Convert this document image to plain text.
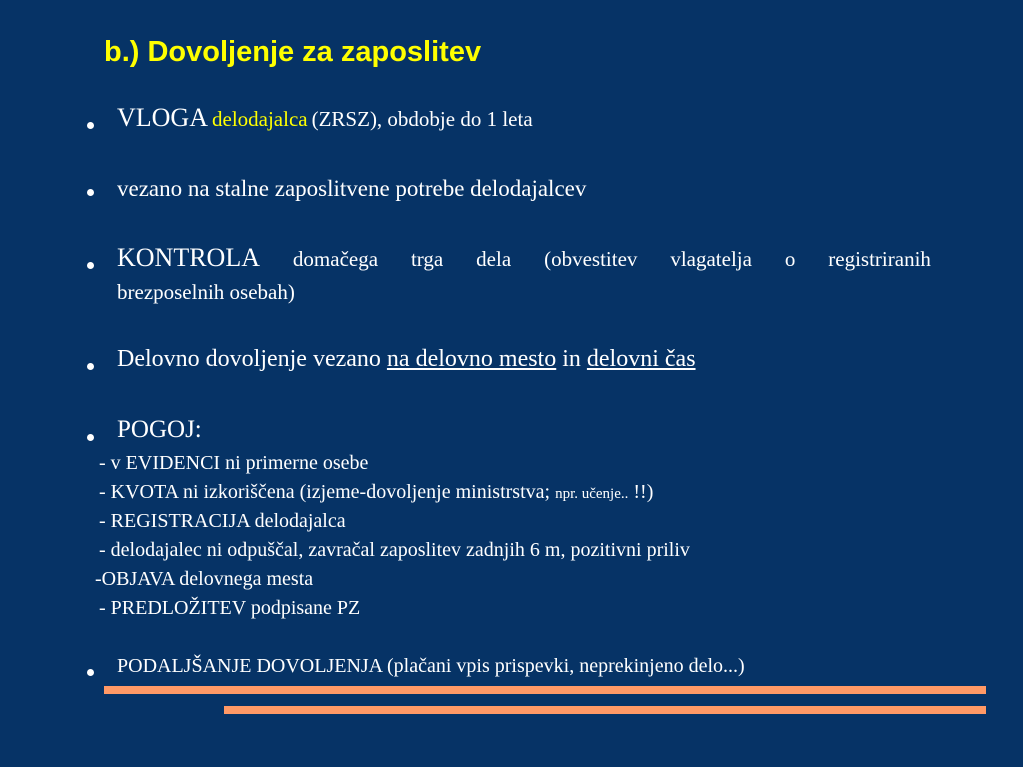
b.) Dovoljenje za zaposlitev
VLOGA delodajalca (ZRSZ), obdobje do 1 leta
vezano na stalne zaposlitvene potrebe delodajalcev
KONTROLA domačega trga dela (obvestitev vlagatelja o registriranih
brezposelnih osebah)
Delovno dovoljenje vezano na delovno mesto in delovni čas
POGOJ:
- v EVIDENCI ni primerne osebe
- KVOTA ni izkoriščena (izjeme-dovoljenje ministrstva; npr. učenje.. !!)
- REGISTRACIJA delodajalca
- delodajalec ni odpuščal, zavračal zaposlitev zadnjih 6 m, pozitivni priliv
-OBJAVA delovnega mesta
- PREDLOŽITEV podpisane PZ
PODALJŠANJE DOVOLJENJA (plačani vpis prispevki, neprekinjeno delo...)
